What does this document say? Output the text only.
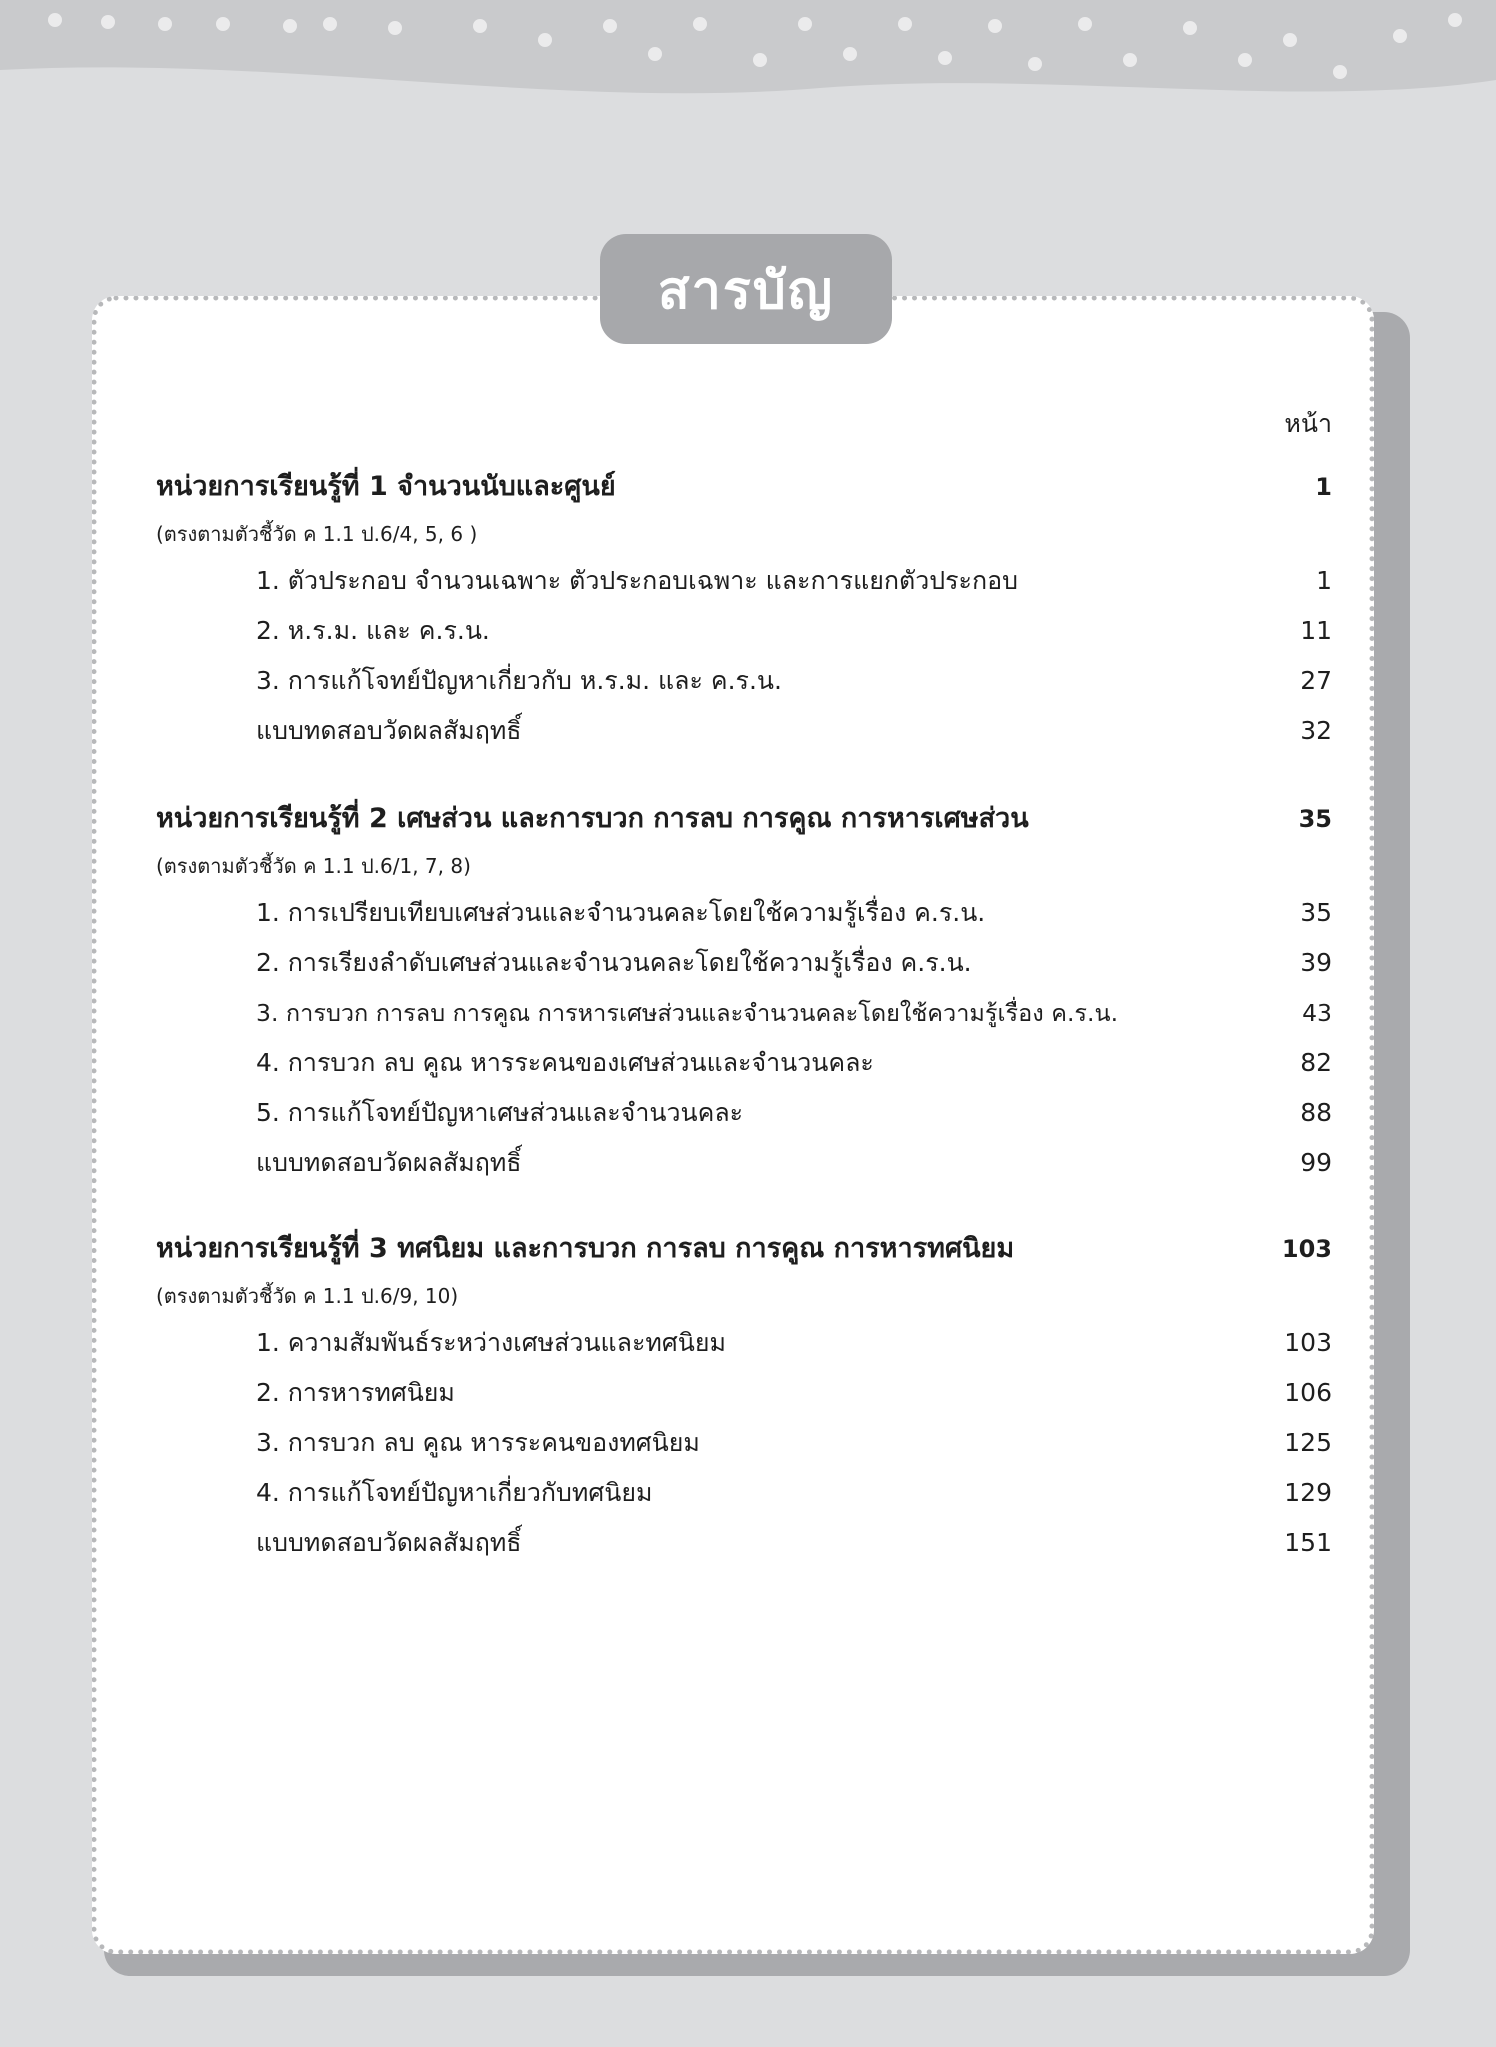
สารบัญ
หน้า
หน่วยการเรียนรู้ที่ 1 จำนวนนับและศูนย์	1
(ตรงตามตัวชี้วัด ค 1.1 ป.6/4, 5, 6 )
1. ตัวประกอบ จำนวนเฉพาะ ตัวประกอบเฉพาะ และการแยกตัวประกอบ	1
2. ห.ร.ม. และ ค.ร.น.	11
3. การแก้โจทย์ปัญหาเกี่ยวกับ ห.ร.ม. และ ค.ร.น.	27
แบบทดสอบวัดผลสัมฤทธิ์	32
หน่วยการเรียนรู้ที่ 2 เศษส่วน และการบวก การลบ การคูณ การหารเศษส่วน	35
(ตรงตามตัวชี้วัด ค 1.1 ป.6/1, 7, 8)
1. การเปรียบเทียบเศษส่วนและจำนวนคละโดยใช้ความรู้เรื่อง ค.ร.น.	35
2. การเรียงลำดับเศษส่วนและจำนวนคละโดยใช้ความรู้เรื่อง ค.ร.น.	39
3. การบวก การลบ การคูณ การหารเศษส่วนและจำนวนคละโดยใช้ความรู้เรื่อง ค.ร.น.	43
4. การบวก ลบ คูณ หารระคนของเศษส่วนและจำนวนคละ	82
5. การแก้โจทย์ปัญหาเศษส่วนและจำนวนคละ	88
แบบทดสอบวัดผลสัมฤทธิ์	99
หน่วยการเรียนรู้ที่ 3 ทศนิยม และการบวก การลบ การคูณ การหารทศนิยม	103
(ตรงตามตัวชี้วัด ค 1.1 ป.6/9, 10)
1. ความสัมพันธ์ระหว่างเศษส่วนและทศนิยม	103
2. การหารทศนิยม	106
3. การบวก ลบ คูณ หารระคนของทศนิยม	125
4. การแก้โจทย์ปัญหาเกี่ยวกับทศนิยม	129
แบบทดสอบวัดผลสัมฤทธิ์	151
